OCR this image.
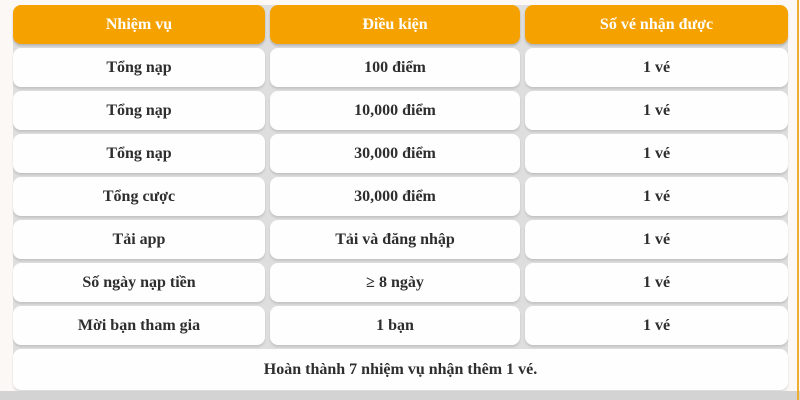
Nhiệm vụ	Điều kiện	Số vé nhận được
Tổng nạp	100 điểm	1 vé
Tổng nạp	10,000 điểm	1 vé
Tổng nạp	30,000 điểm	1 vé
Tổng cược	30,000 điểm	1 vé
Tải app	Tải và đăng nhập	1 vé
Số ngày nạp tiền	≥ 8 ngày	1 vé
Mời bạn tham gia	1 bạn	1 vé
Hoàn thành 7 nhiệm vụ nhận thêm 1 vé.
